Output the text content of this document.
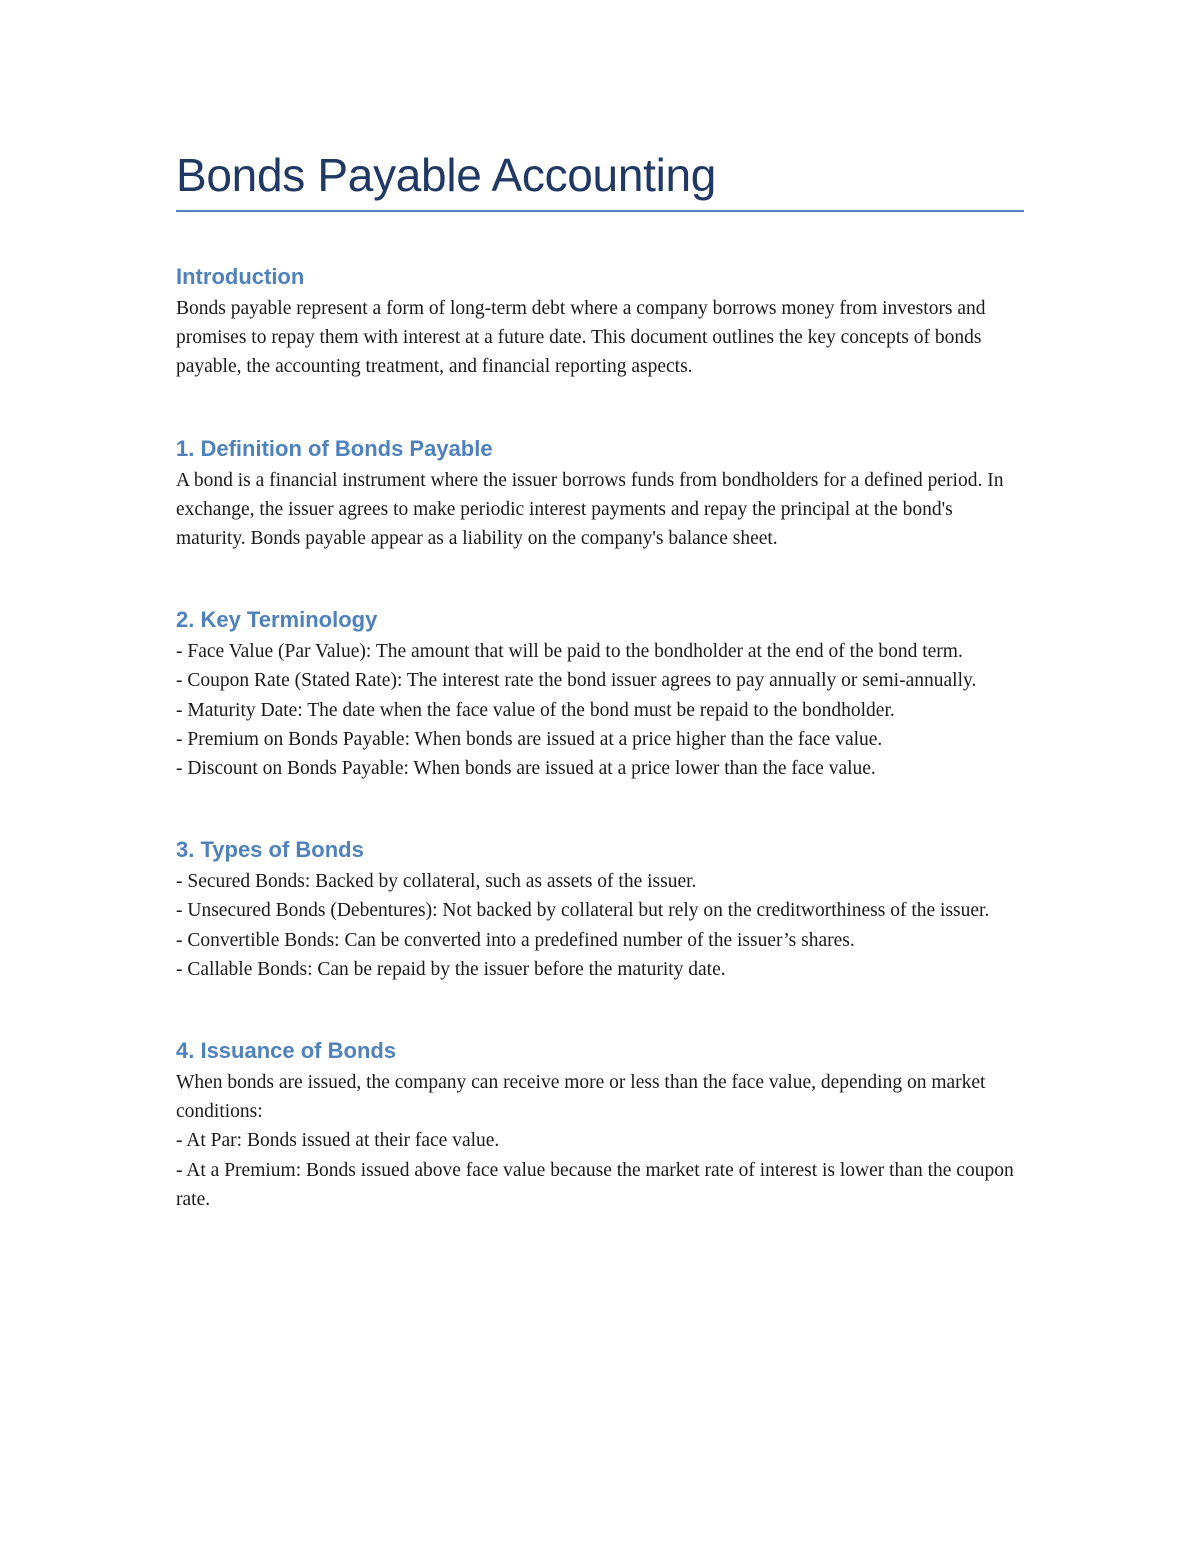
Bonds Payable Accounting
Introduction

Bonds payable represent a form of long-term debt where a company borrows money from investors and promises to repay them with interest at a future date. This document outlines the key concepts of bonds payable, the accounting treatment, and financial reporting aspects.

1. Definition of Bonds Payable

A bond is a financial instrument where the issuer borrows funds from bondholders for a defined period. In exchange, the issuer agrees to make periodic interest payments and repay the principal at the bond's maturity. Bonds payable appear as a liability on the company's balance sheet.

2. Key Terminology

- Face Value (Par Value): The amount that will be paid to the bondholder at the end of the bond term.
- Coupon Rate (Stated Rate): The interest rate the bond issuer agrees to pay annually or semi-annually.
- Maturity Date: The date when the face value of the bond must be repaid to the bondholder.
- Premium on Bonds Payable: When bonds are issued at a price higher than the face value.
- Discount on Bonds Payable: When bonds are issued at a price lower than the face value.

3. Types of Bonds

- Secured Bonds: Backed by collateral, such as assets of the issuer.
- Unsecured Bonds (Debentures): Not backed by collateral but rely on the creditworthiness of the issuer.
- Convertible Bonds: Can be converted into a predefined number of the issuer’s shares.
- Callable Bonds: Can be repaid by the issuer before the maturity date.

4. Issuance of Bonds

When bonds are issued, the company can receive more or less than the face value, depending on market conditions:
- At Par: Bonds issued at their face value.
- At a Premium: Bonds issued above face value because the market rate of interest is lower than the coupon rate.
